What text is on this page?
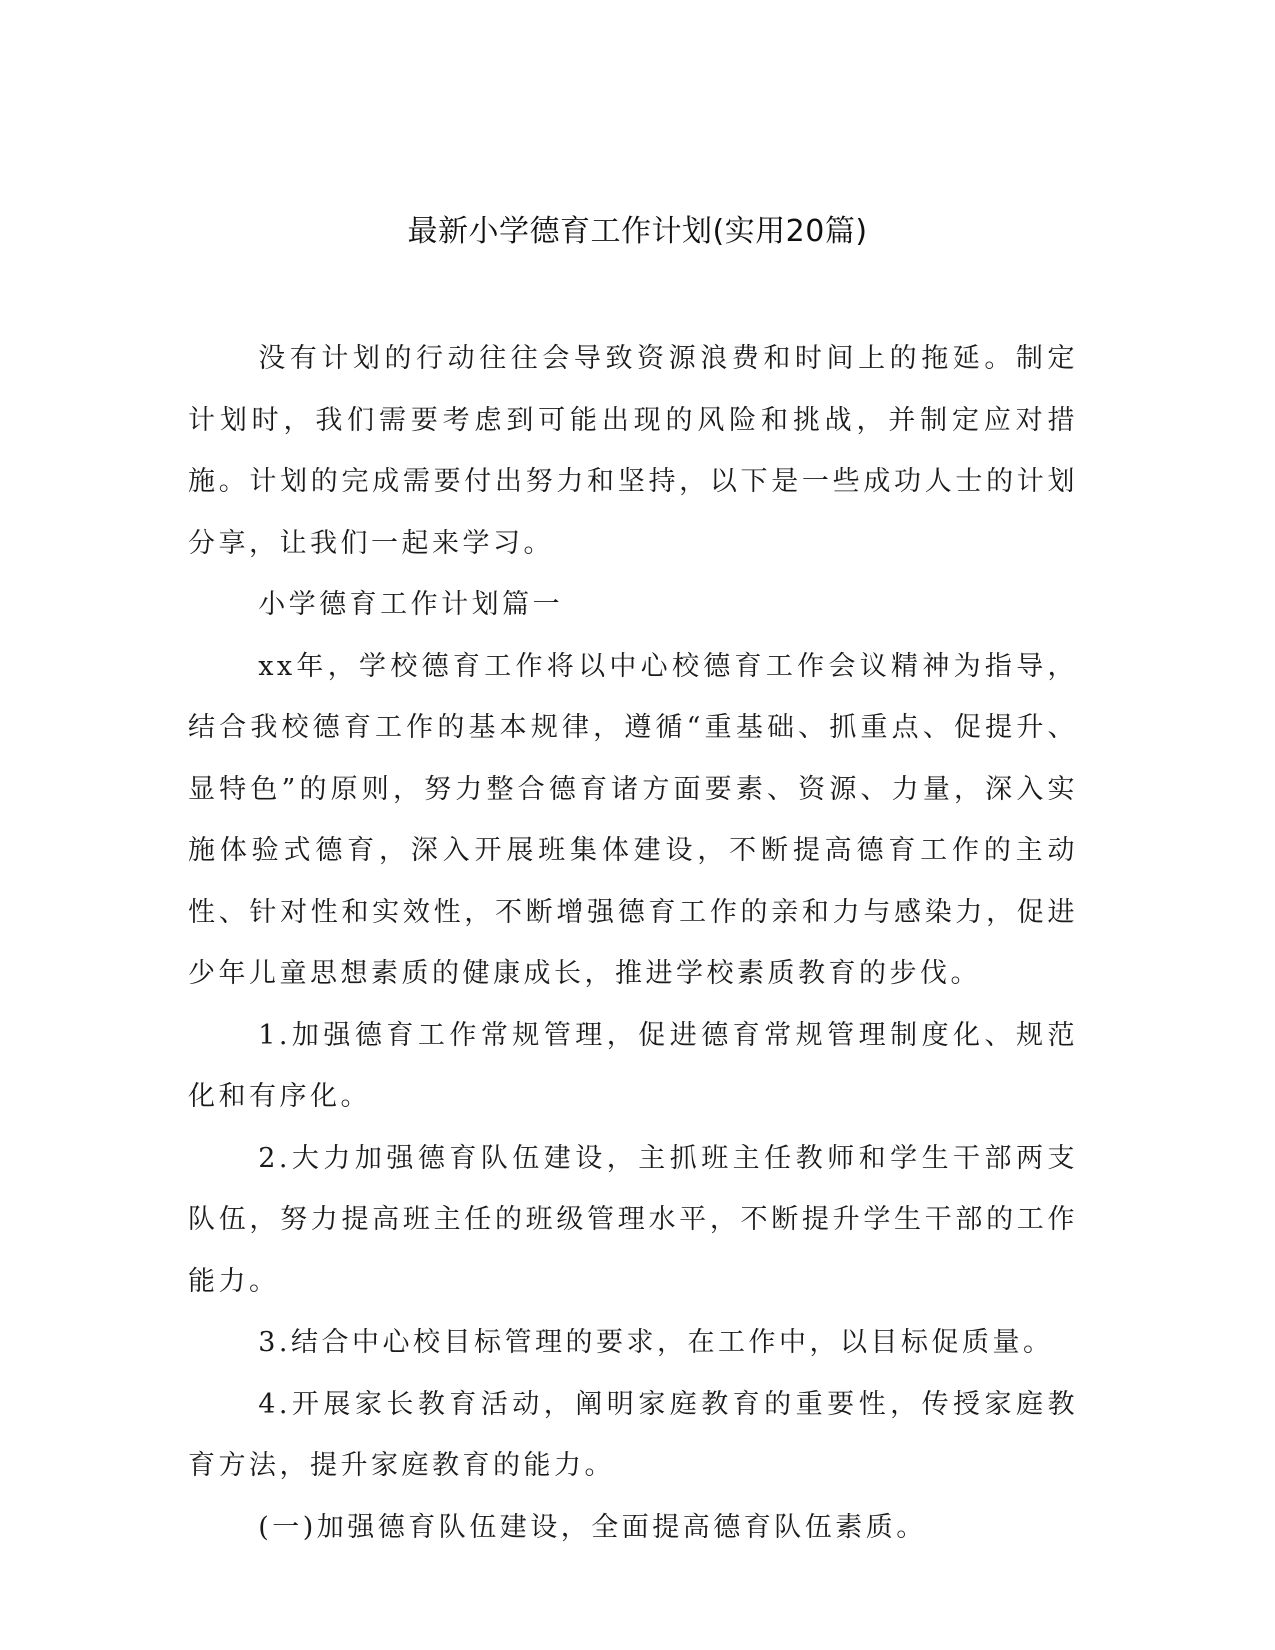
最新小学德育工作计划(实用20篇)

没有计划的行动往往会导致资源浪费和时间上的拖延。制定计划时，我们需要考虑到可能出现的风险和挑战，并制定应对措施。计划的完成需要付出努力和坚持，以下是一些成功人士的计划分享，让我们一起来学习。

小学德育工作计划篇一

xx年，学校德育工作将以中心校德育工作会议精神为指导，结合我校德育工作的基本规律，遵循“重基础、抓重点、促提升、显特色”的原则，努力整合德育诸方面要素、资源、力量，深入实施体验式德育，深入开展班集体建设，不断提高德育工作的主动性、针对性和实效性，不断增强德育工作的亲和力与感染力，促进少年儿童思想素质的健康成长，推进学校素质教育的步伐。

1.加强德育工作常规管理，促进德育常规管理制度化、规范化和有序化。

2.大力加强德育队伍建设，主抓班主任教师和学生干部两支队伍，努力提高班主任的班级管理水平，不断提升学生干部的工作能力。

3.结合中心校目标管理的要求，在工作中，以目标促质量。

4.开展家长教育活动，阐明家庭教育的重要性，传授家庭教育方法，提升家庭教育的能力。

(一)加强德育队伍建设，全面提高德育队伍素质。
